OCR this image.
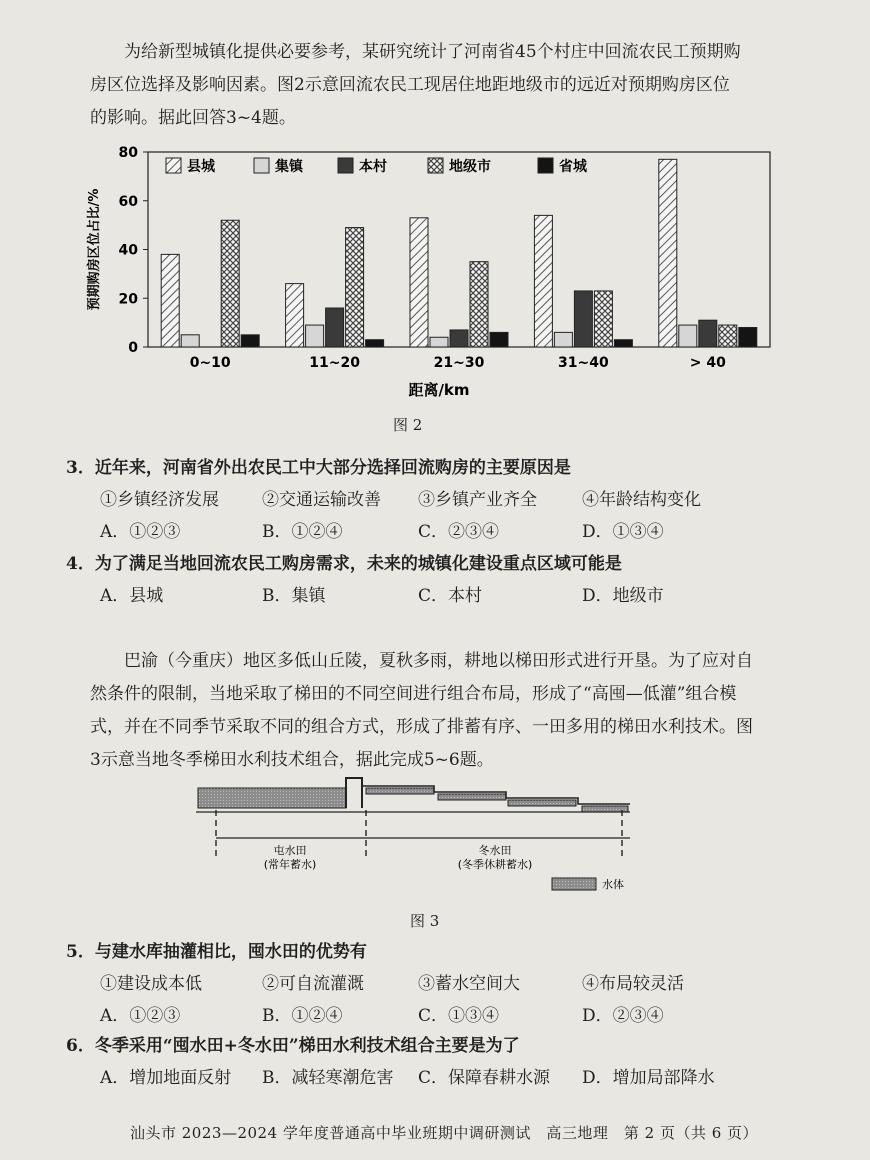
为给新型城镇化提供必要参考，某研究统计了河南省45个村庄中回流农民工预期购
房区位选择及影响因素。图2示意回流农民工现居住地距地级市的远近对预期购房区位
的影响。据此回答3~4题。
0
20
40
60
80
预期购房区位占比/%
0~10	11~20	21~30	31~40	> 40
距离/km
县城	集镇	本村	地级市	省城
图 2
3．近年来，河南省外出农民工中大部分选择回流购房的主要原因是
①乡镇经济发展	②交通运输改善 ③乡镇产业齐全	④年龄结构变化
A．①②③	B．①②④	C．②③④	D．①③④
4．为了满足当地回流农民工购房需求，未来的城镇化建设重点区域可能是
A．县城	B．集镇	C．本村	D．地级市
巴渝（今重庆）地区多低山丘陵，夏秋多雨，耕地以梯田形式进行开垦。为了应对自
然条件的限制，当地采取了梯田的不同空间进行组合布局，形成了“高囤—低灌”组合模
式，并在不同季节采取不同的组合方式，形成了排蓄有序、一田多用的梯田水利技术。图
3示意当地冬季梯田水利技术组合，据此完成5~6题。
屯水田
(常年蓄水)
冬水田
(冬季休耕蓄水)
水体
图 3
5．与建水库抽灌相比，囤水田的优势有
①建设成本低	②可自流灌溉	③蓄水空间大	④布局较灵活
A．①②③	B．①②④	C．①③④	D．②③④
6．冬季采用“囤水田+冬水田”梯田水利技术组合主要是为了
A．增加地面反射 B．减轻寒潮危害 C．保障春耕水源 D．增加局部降水
汕头市 2023—2024 学年度普通高中毕业班期中调研测试　高三地理　第 2 页（共 6 页）
